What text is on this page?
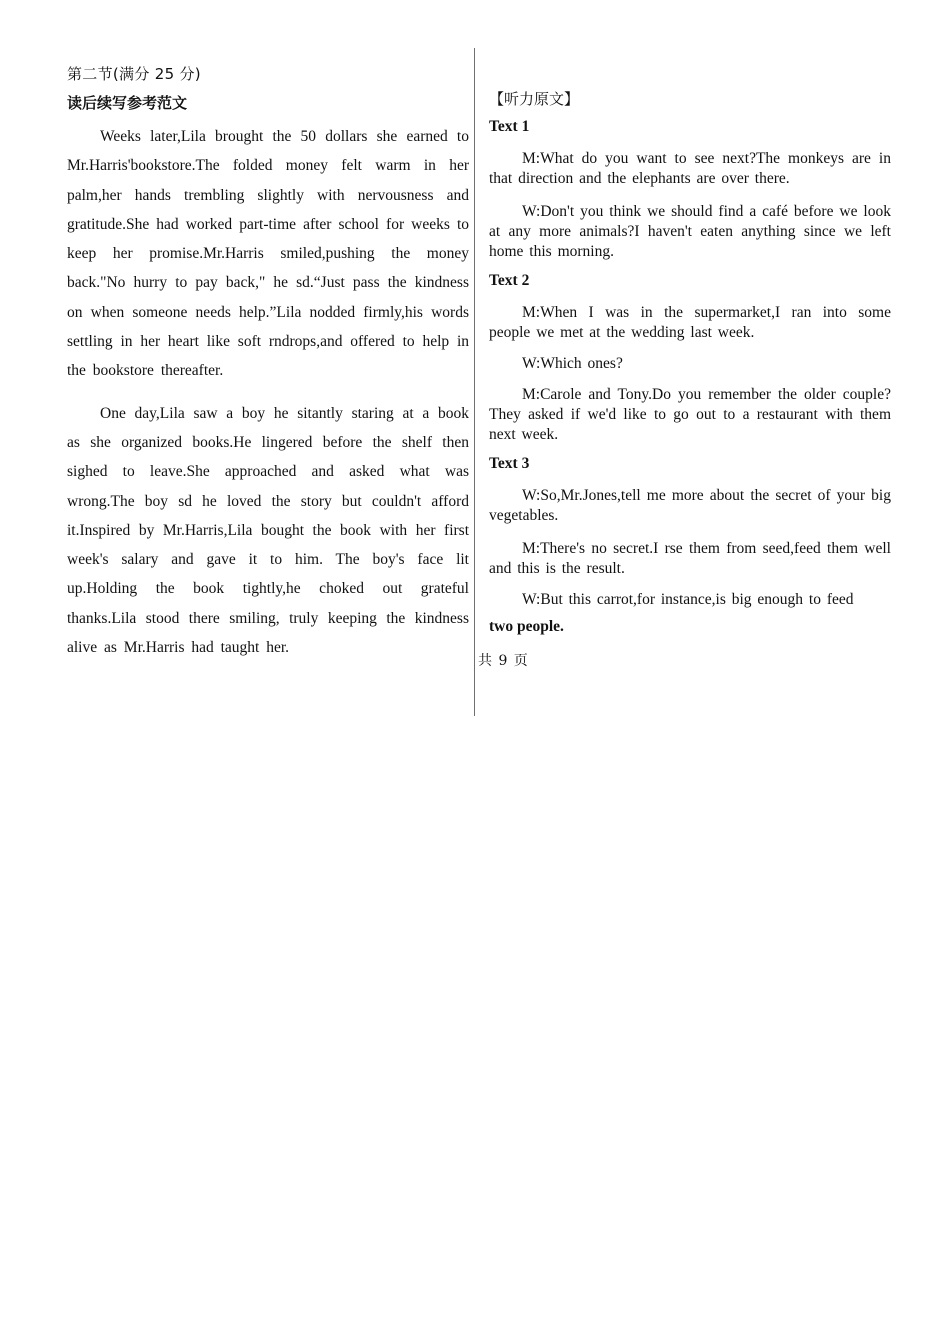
第二节(满分 25 分)
读后续写参考范文

Weeks later,Lila brought the 50 dollars she earned to Mr.Harris'bookstore.The folded money felt warm in her palm,her hands trembling slightly with nervousness and gratitude.She had worked part-time after school for weeks to keep her promise.Mr.Harris smiled,pushing the money back."No hurry to pay back," he sd.“Just pass the kindness on when someone needs help.”Lila nodded firmly,his words settling in her heart like soft rndrops,and offered to help in the bookstore thereafter.

One day,Lila saw a boy he sitantly staring at a book as she organized books.He lingered before the shelf then sighed to leave.She approached and asked what was wrong.The boy sd he loved the story but couldn't afford it.Inspired by Mr.Harris,Lila bought the book with her first week's salary and gave it to him. The boy's face lit up.Holding the book tightly,he choked out grateful thanks.Lila stood there smiling, truly keeping the kindness alive as Mr.Harris had taught her.

【听力原文】
Text 1

M:What do you want to see next?The monkeys are in that direction and the elephants are over there.

W:Don't you think we should find a café before we look at any more animals?I haven't eaten anything since we left home this morning.

Text 2

M:When I was in the supermarket,I ran into some people we met at the wedding last week.

W:Which ones?

M:Carole and Tony.Do you remember the older couple?They asked if we'd like to go out to a restaurant with them next week.

Text 3

W:So,Mr.Jones,tell me more about the secret of your big vegetables.

M:There's no secret.I rse them from seed,feed them well and this is the result.

W:But this carrot,for instance,is big enough to feed

two people.

共 9 页
